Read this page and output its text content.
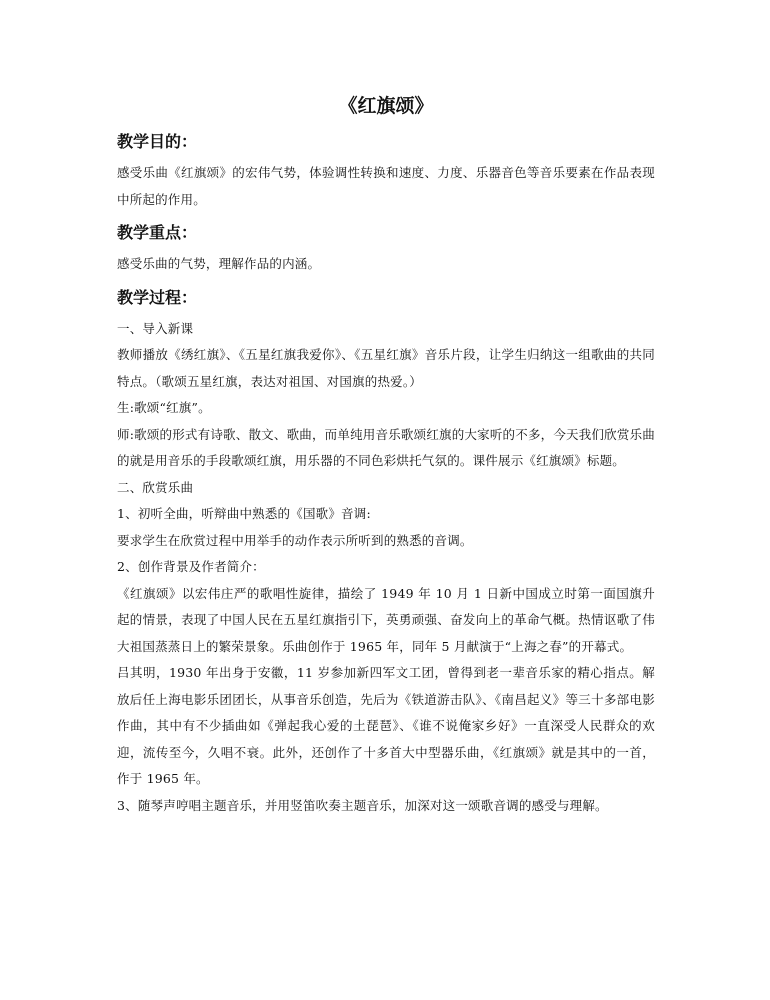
《红旗颂》
教学目的：

感受乐曲《红旗颂》的宏伟气势，体验调性转换和速度、力度、乐器音色等音乐要素在作品表现中所起的作用。

教学重点：

感受乐曲的气势，理解作品的内涵。

教学过程：

一、导入新课

教师播放《绣红旗》、《五星红旗我爱你》、《五星红旗》音乐片段，让学生归纳这一组歌曲的共同特点。（歌颂五星红旗，表达对祖国、对国旗的热爱。）

生:歌颂“红旗”。

师:歌颂的形式有诗歌、散文、歌曲，而单纯用音乐歌颂红旗的大家听的不多，今天我们欣赏乐曲的就是用音乐的手段歌颂红旗，用乐器的不同色彩烘托气氛的。课件展示《红旗颂》标题。

二、欣赏乐曲

1、初听全曲，听辩曲中熟悉的《国歌》音调:

要求学生在欣赏过程中用举手的动作表示所听到的熟悉的音调。

2、创作背景及作者简介：

《红旗颂》以宏伟庄严的歌唱性旋律，描绘了 1949 年 10 月 1 日新中国成立时第一面国旗升起的情景，表现了中国人民在五星红旗指引下，英勇顽强、奋发向上的革命气概。热情讴歌了伟大祖国蒸蒸日上的繁荣景象。乐曲创作于 1965 年，同年 5 月献演于“上海之春”的开幕式。

吕其明，1930 年出身于安徽，11 岁参加新四军文工团，曾得到老一辈音乐家的精心指点。解放后任上海电影乐团团长，从事音乐创造，先后为《铁道游击队》、《南昌起义》等三十多部电影作曲，其中有不少插曲如《弹起我心爱的土琵琶》、《谁不说俺家乡好》一直深受人民群众的欢迎，流传至今，久唱不衰。此外，还创作了十多首大中型器乐曲，《红旗颂》就是其中的一首，作于 1965 年。

3、随琴声哼唱主题音乐，并用竖笛吹奏主题音乐，加深对这一颂歌音调的感受与理解。
